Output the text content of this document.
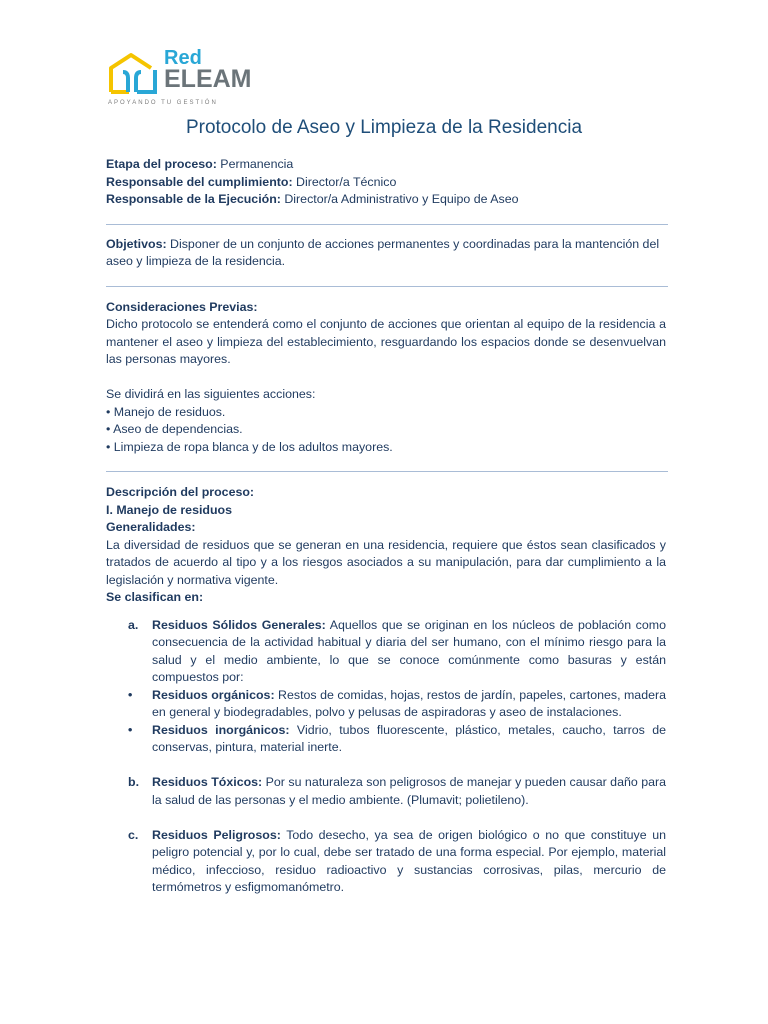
Red
ELEAM
APOYANDO TU GESTIÓN
Protocolo de Aseo y Limpieza de la Residencia

Etapa del proceso: Permanencia

Responsable del cumplimiento: Director/a Técnico

Responsable de la Ejecución: Director/a Administrativo y Equipo de Aseo

Objetivos: Disponer de un conjunto de acciones permanentes y coordinadas para la mantención del aseo y limpieza de la residencia.

Consideraciones Previas:

Dicho protocolo se entenderá como el conjunto de acciones que orientan al equipo de la residencia a mantener el aseo y limpieza del establecimiento, resguardando los espacios donde se desenvuelvan las personas mayores.

Se dividirá en las siguientes acciones:

• Manejo de residuos.

• Aseo de dependencias.

• Limpieza de ropa blanca y de los adultos mayores.

Descripción del proceso:

I. Manejo de residuos

Generalidades:

La diversidad de residuos que se generan en una residencia, requiere que éstos sean clasificados y tratados de acuerdo al tipo y a los riesgos asociados a su manipulación, para dar cumplimiento a la legislación y normativa vigente.

Se clasifican en:

a. Residuos Sólidos Generales: Aquellos que se originan en los núcleos de población como consecuencia de la actividad habitual y diaria del ser humano, con el mínimo riesgo para la salud y el medio ambiente, lo que se conoce comúnmente como basuras y están compuestos por:
• Residuos orgánicos: Restos de comidas, hojas, restos de jardín, papeles, cartones, madera en general y biodegradables, polvo y pelusas de aspiradoras y aseo de instalaciones.
• Residuos inorgánicos: Vidrio, tubos fluorescente, plástico, metales, caucho, tarros de conservas, pintura, material inerte.
b. Residuos Tóxicos: Por su naturaleza son peligrosos de manejar y pueden causar daño para la salud de las personas y el medio ambiente. (Plumavit; polietileno).
c. Residuos Peligrosos: Todo desecho, ya sea de origen biológico o no que constituye un peligro potencial y, por lo cual, debe ser tratado de una forma especial. Por ejemplo, material médico, infeccioso, residuo radioactivo y sustancias corrosivas, pilas, mercurio de termómetros y esfigmomanómetro.
